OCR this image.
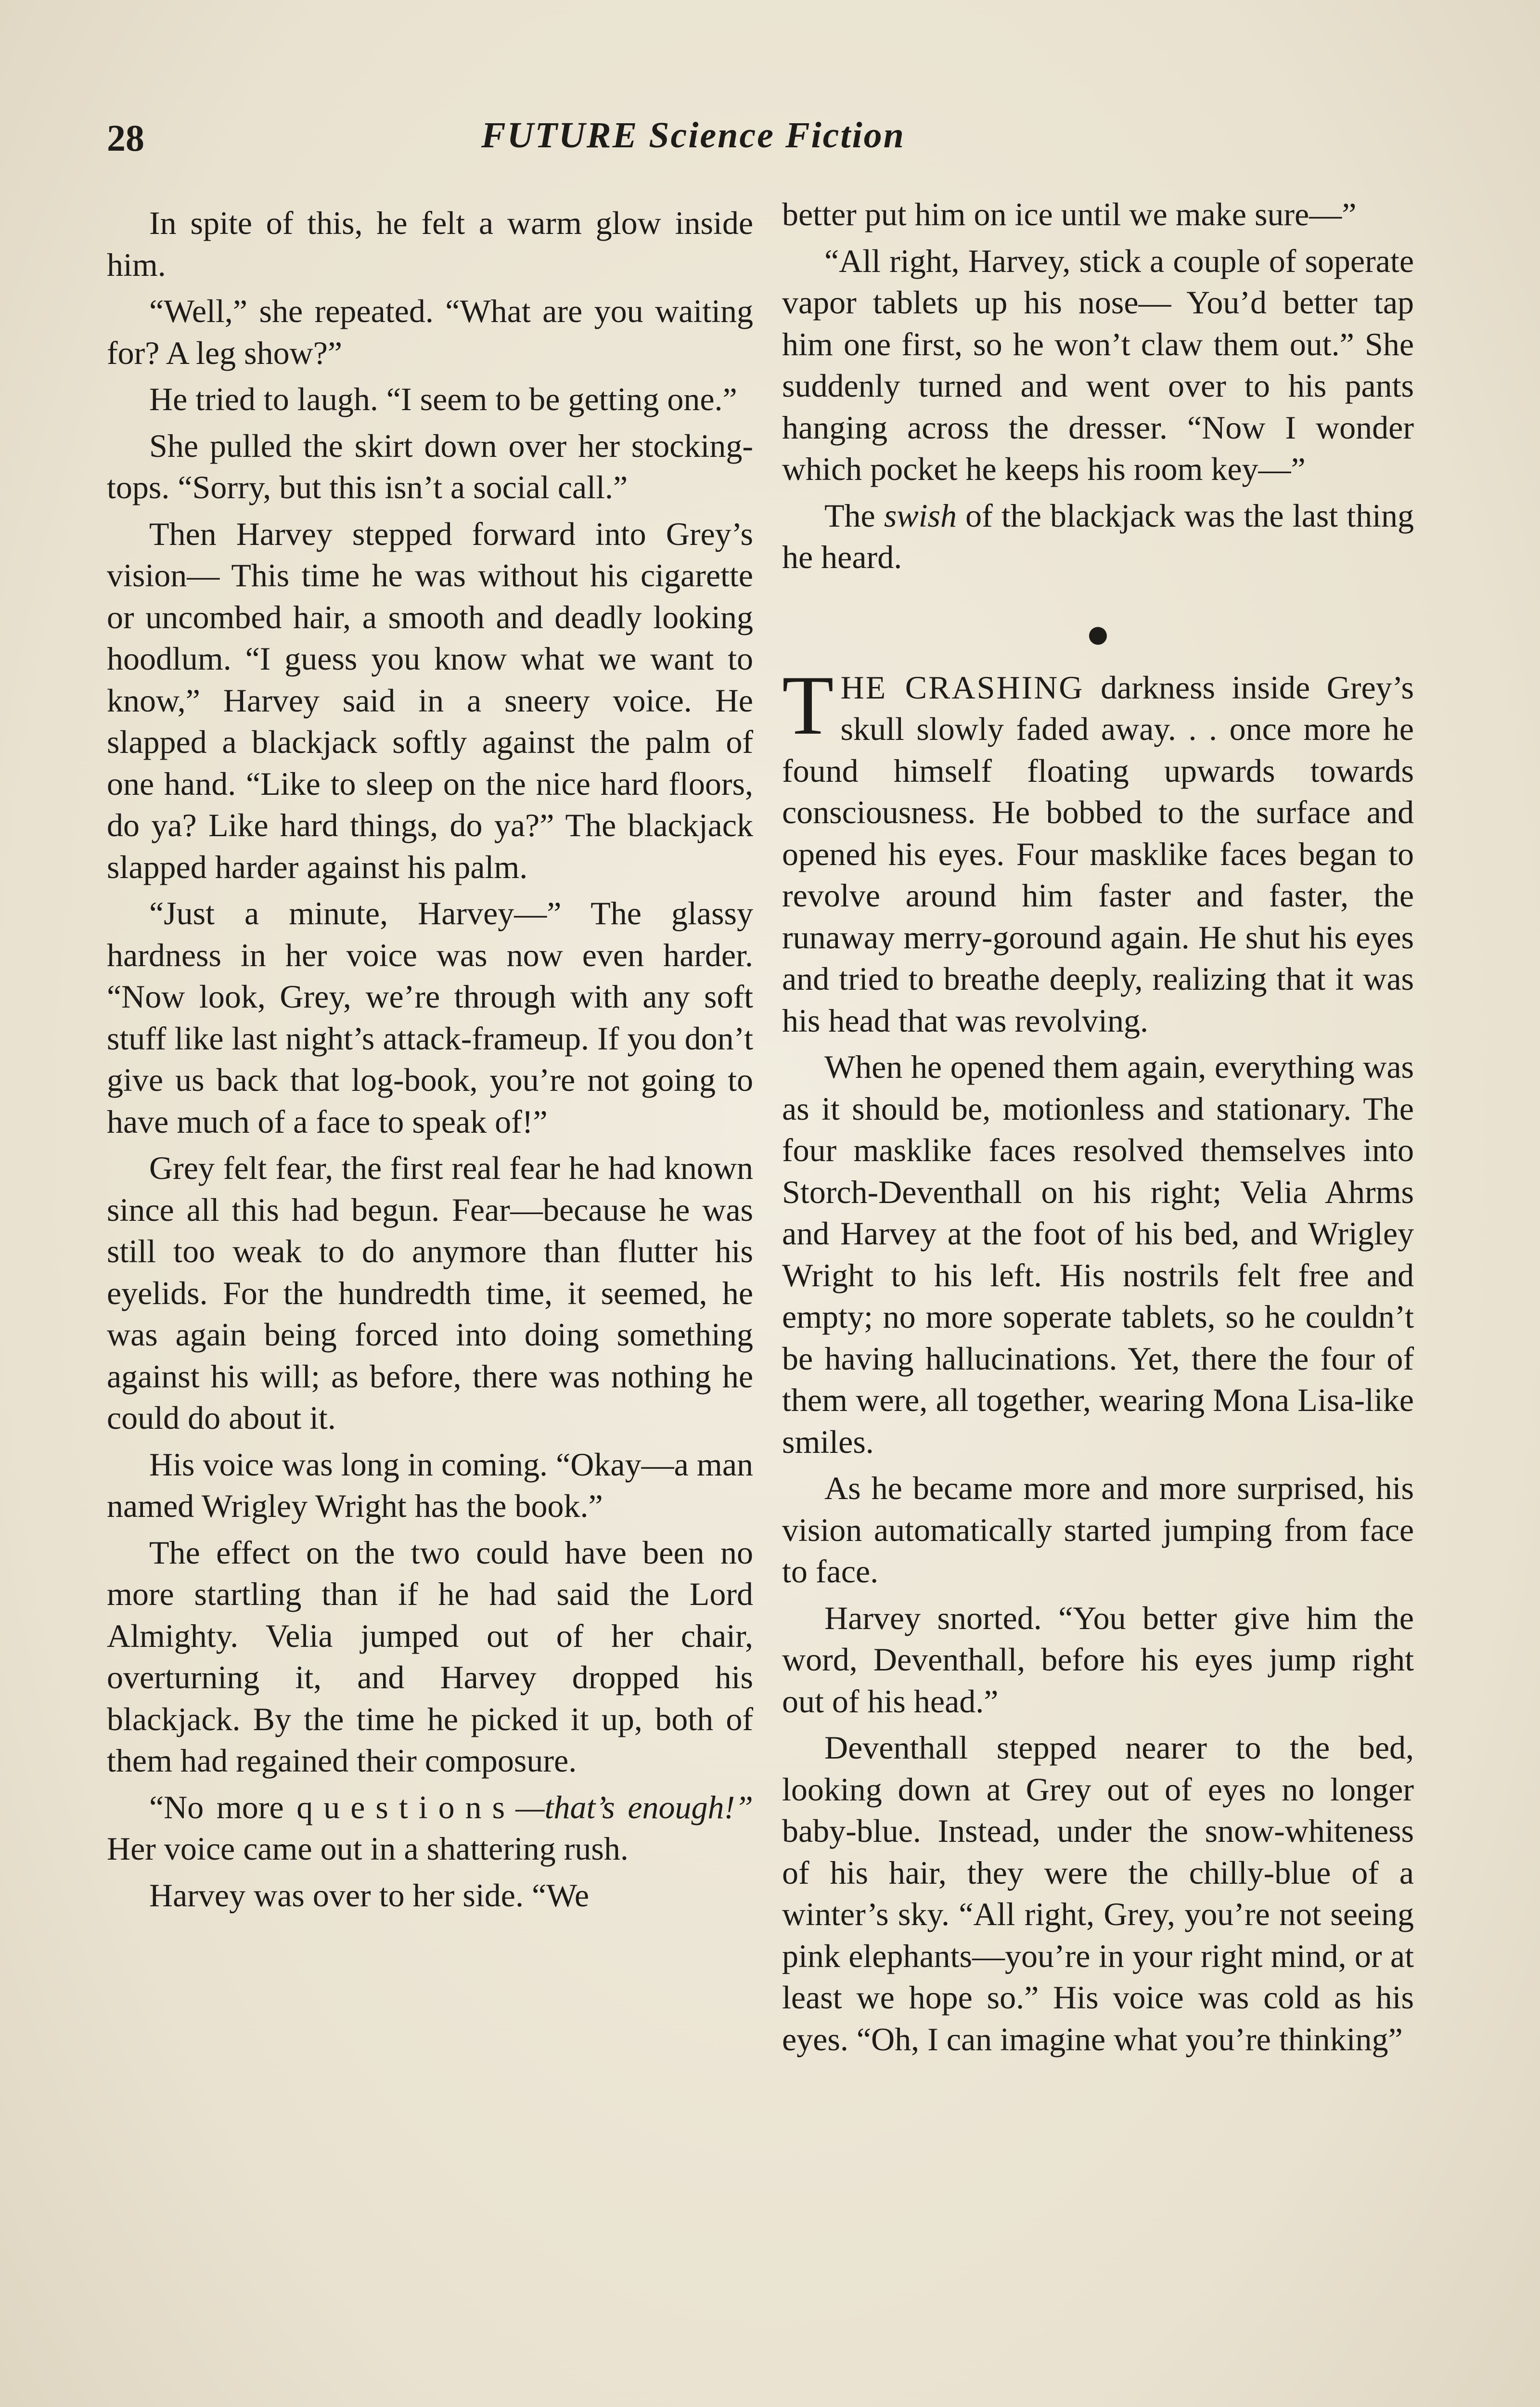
28	FUTURE Science Fiction

In spite of this, he felt a warm glow inside him.

“Well,” she repeated. “What are you waiting for? A leg show?”

He tried to laugh. “I seem to be getting one.”

She pulled the skirt down over her stocking-tops. “Sorry, but this isn’t a social call.”

Then Harvey stepped forward into Grey’s vision— This time he was without his cigarette or uncombed hair, a smooth and deadly looking hoodlum. “I guess you know what we want to know,” Harvey said in a sneery voice. He slapped a blackjack softly against the palm of one hand. “Like to sleep on the nice hard floors, do ya? Like hard things, do ya?” The blackjack slapped harder against his palm.

“Just a minute, Harvey—” The glassy hardness in her voice was now even harder. “Now look, Grey, we’re through with any soft stuff like last night’s attack-frameup. If you don’t give us back that log-book, you’re not going to have much of a face to speak of!”

Grey felt fear, the first real fear he had known since all this had begun. Fear—because he was still too weak to do anymore than flutter his eyelids. For the hundredth time, it seemed, he was again being forced into doing something against his will; as before, there was nothing he could do about it.

His voice was long in coming. “Okay—a man named Wrigley Wright has the book.”

The effect on the two could have been no more startling than if he had said the Lord Almighty. Velia jumped out of her chair, overturning it, and Harvey dropped his blackjack. By the time he picked it up, both of them had regained their composure.

“No more questions—that’s enough!” Her voice came out in a shattering rush.

Harvey was over to her side. “We

better put him on ice until we make sure—”

“All right, Harvey, stick a couple of soperate vapor tablets up his nose— You’d better tap him one first, so he won’t claw them out.” She suddenly turned and went over to his pants hanging across the dresser. “Now I wonder which pocket he keeps his room key—”

The swish of the blackjack was the last thing he heard.

●

THE CRASHING darkness inside Grey’s skull slowly faded away. . . once more he found himself floating upwards towards consciousness. He bobbed to the surface and opened his eyes. Four masklike faces began to revolve around him faster and faster, the runaway merry-goround again. He shut his eyes and tried to breathe deeply, realizing that it was his head that was revolving.

When he opened them again, everything was as it should be, motionless and stationary. The four masklike faces resolved themselves into Storch-Deventhall on his right; Velia Ahrms and Harvey at the foot of his bed, and Wrigley Wright to his left. His nostrils felt free and empty; no more soperate tablets, so he couldn’t be having hallucinations. Yet, there the four of them were, all together, wearing Mona Lisa-like smiles.

As he became more and more surprised, his vision automatically started jumping from face to face.

Harvey snorted. “You better give him the word, Deventhall, before his eyes jump right out of his head.”

Deventhall stepped nearer to the bed, looking down at Grey out of eyes no longer baby-blue. Instead, under the snow-whiteness of his hair, they were the chilly-blue of a winter’s sky. “All right, Grey, you’re not seeing pink elephants—you’re in your right mind, or at least we hope so.” His voice was cold as his eyes. “Oh, I can imagine what you’re thinking”
